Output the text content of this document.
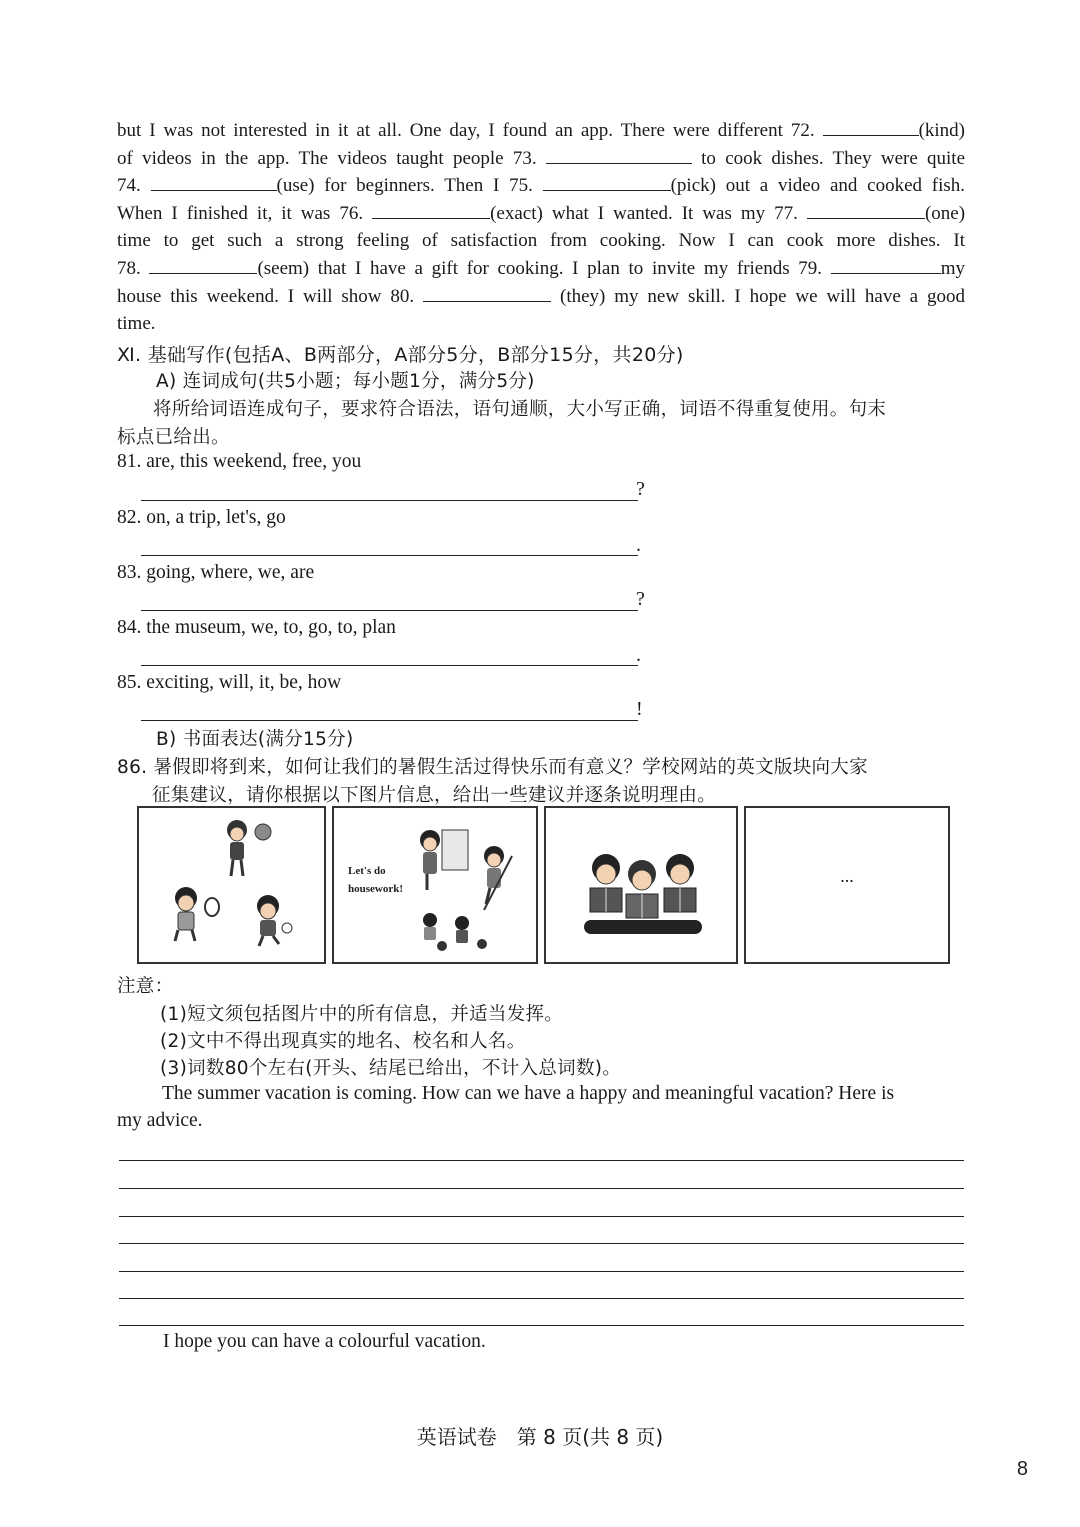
but I was not interested in it at all. One day, I found an app. There were different 72.	(kind)
of videos in the app. The videos taught people 73.	to cook dishes. They were quite
74.	(use) for beginners. Then I 75.	(pick) out a video and cooked fish.
When I finished it, it was 76.	(exact) what I wanted. It was my 77.	(one)
time to get such a strong feeling of satisfaction from cooking. Now I can cook more dishes. It
78.	(seem) that I have a gift for cooking. I plan to invite my friends 79.	my
house this weekend. I will show 80.	(they) my new skill. I hope we will have a good
time.
Ⅺ. 基础写作(包括A、B两部分，A部分5分，B部分15分，共20分)
A) 连词成句(共5小题；每小题1分，满分5分)
将所给词语连成句子，要求符合语法，语句通顺，大小写正确，词语不得重复使用。句末
标点已给出。
81. are, this weekend, free, you
?
82. on, a trip, let's, go
.
83. going, where, we, are
?
84. the museum, we, to, go, to, plan
.
85. exciting, will, it, be, how
!
B) 书面表达(满分15分)
86. 暑假即将到来，如何让我们的暑假生活过得快乐而有意义？学校网站的英文版块向大家
征集建议，请你根据以下图片信息，给出一些建议并逐条说明理由。
Let's do
housework!
...
注意：
(1)短文须包括图片中的所有信息，并适当发挥。
(2)文中不得出现真实的地名、校名和人名。
(3)词数80个左右(开头、结尾已给出，不计入总词数)。
The summer vacation is coming. How can we have a happy and meaningful vacation? Here is
my advice.
I hope you can have a colourful vacation.
英语试卷　第 8 页(共 8 页)
8
